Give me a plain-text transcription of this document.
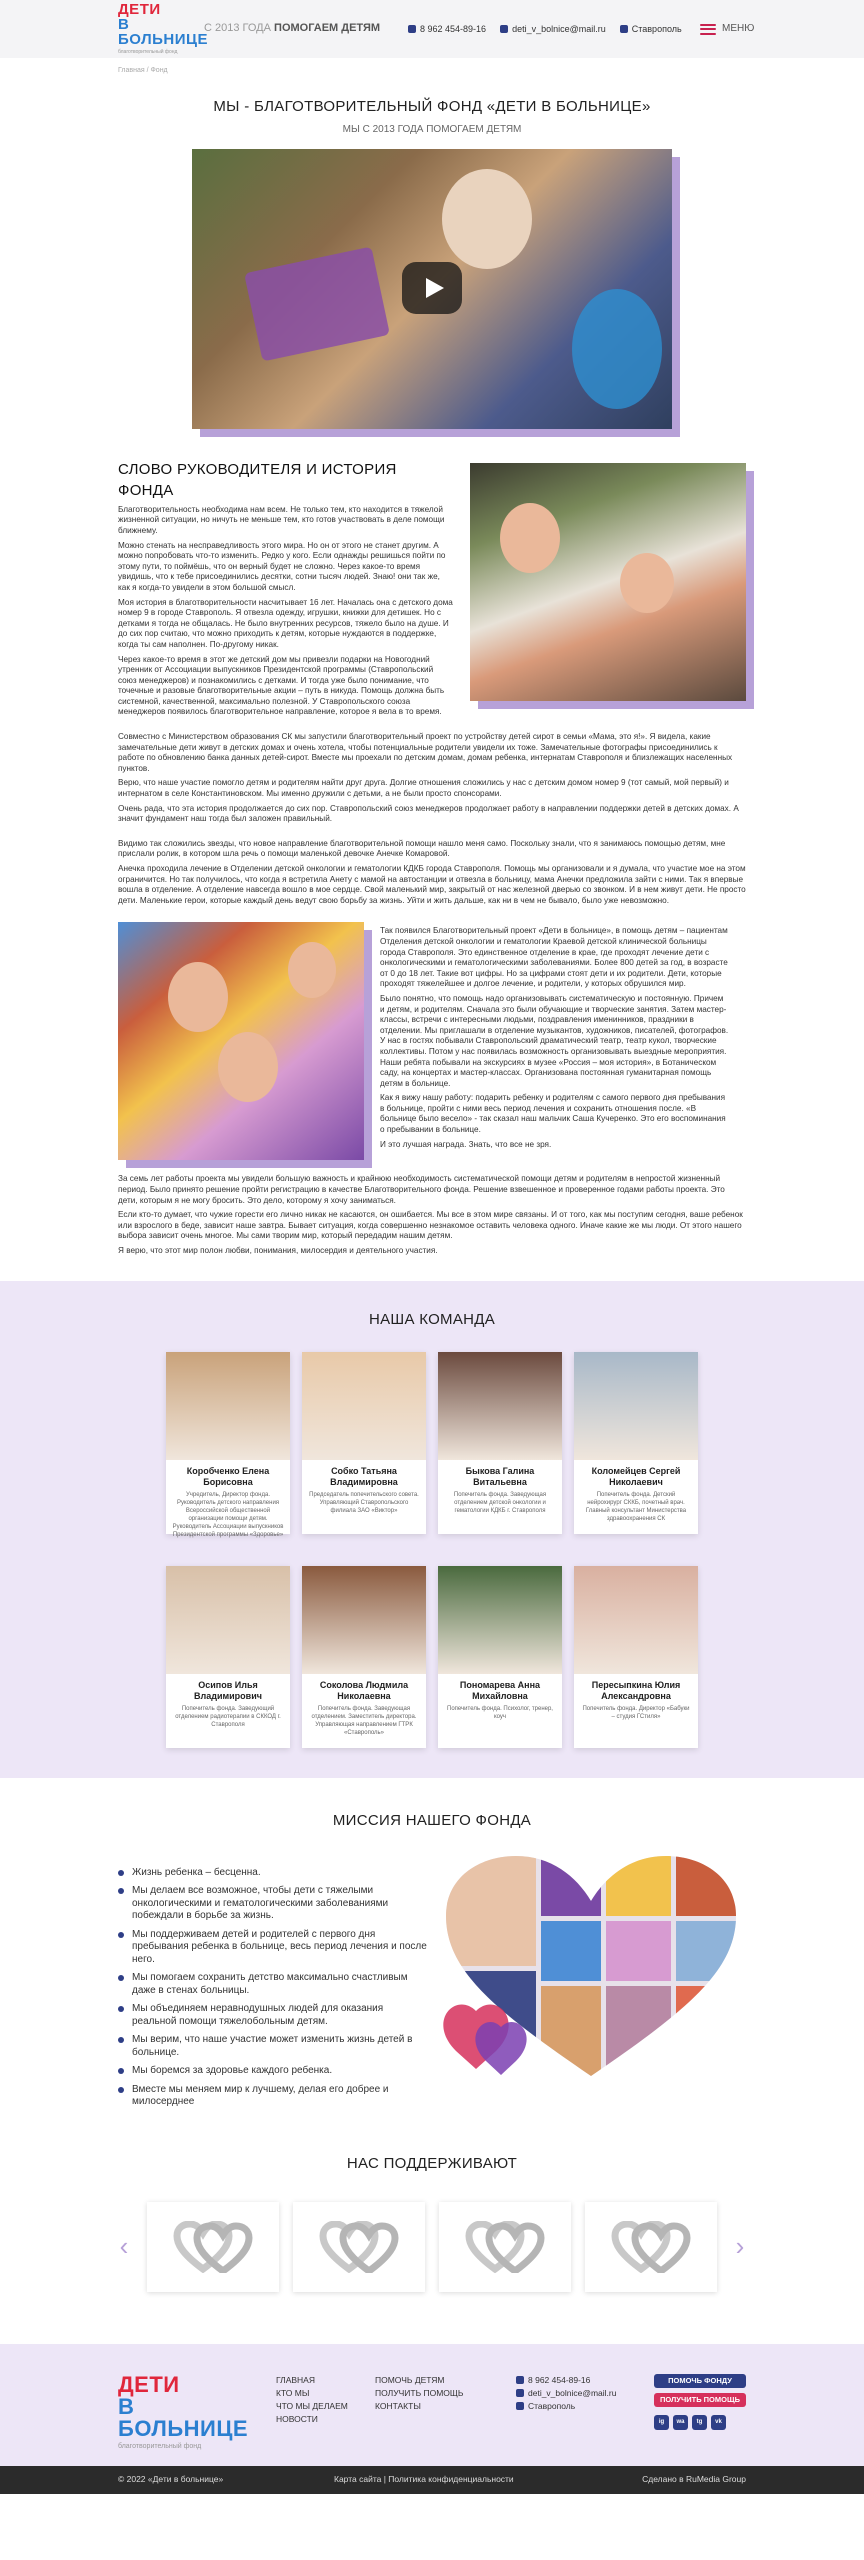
ДЕТИ
В БОЛЬНИЦЕ
благотворительный фонд
С 2013 ГОДА ПОМОГАЕМ ДЕТЯМ	8 962 454-89-16	deti_v_bolnice@mail.ru	Ставрополь	МЕНЮ
Главная / Фонд
МЫ - БЛАГОТВОРИТЕЛЬНЫЙ ФОНД «ДЕТИ В БОЛЬНИЦЕ»
МЫ С 2013 ГОДА ПОМОГАЕМ ДЕТЯМ
СЛОВО РУКОВОДИТЕЛЯ И ИСТОРИЯ ФОНДА

Благотворительность необходима нам всем. Не только тем, кто находится в тяжелой жизненной ситуации, но ничуть не меньше тем, кто готов участвовать в деле помощи ближнему.

Можно стенать на несправедливость этого мира. Но он от этого не станет другим. А можно попробовать что-то изменить. Редко у кого. Если однажды решишься пойти по этому пути, то поймёшь, что он верный будет не сложно. Через какое-то время увидишь, что к тебе присоединились десятки, сотни тысяч людей. Знаю! они так же, как я когда-то увидели в этом большой смысл.

Моя история в благотворительности насчитывает 16 лет. Началась она с детского дома номер 9 в городе Ставрополь. Я отвезла одежду, игрушки, книжки для детишек. Но с детками я тогда не общалась. Не было внутренних ресурсов, тяжело было на душе. И до сих пор считаю, что можно приходить к детям, которые нуждаются в поддержке, когда ты сам наполнен. По-другому никак.

Через какое-то время в этот же детский дом мы привезли подарки на Новогодний утренник от Ассоциации выпускников Президентской программы (Ставропольский союз менеджеров) и познакомились с детками. И тогда уже было понимание, что точечные и разовые благотворительные акции – путь в никуда. Помощь должна быть системной, качественной, максимально полезной. У Ставропольского союза менеджеров появилось благотворительное направление, которое я вела в то время.

Совместно с Министерством образования СК мы запустили благотворительный проект по устройству детей сирот в семьи «Мама, это я!». Я видела, какие замечательные дети живут в детских домах и очень хотела, чтобы потенциальные родители увидели их тоже. Замечательные фотографы присоединились к работе по обновлению банка данных детей-сирот. Вместе мы проехали по детским домам, домам ребенка, интернатам Ставрополя и близлежащих населенных пунктов.

Верю, что наше участие помогло детям и родителям найти друг друга. Долгие отношения сложились у нас с детским домом номер 9 (тот самый, мой первый) и интернатом в селе Константиновском. Мы именно дружили с детьми, а не были просто спонсорами.

Очень рада, что эта история продолжается до сих пор. Ставропольский союз менеджеров продолжает работу в направлении поддержки детей в детских домах. А значит фундамент наш тогда был заложен правильный.

Видимо так сложились звезды, что новое направление благотворительной помощи нашло меня само. Поскольку знали, что я занимаюсь помощью детям, мне прислали ролик, в котором шла речь о помощи маленькой девочке Анечке Комаровой.

Анечка проходила лечение в Отделении детской онкологии и гематологии КДКБ города Ставрополя. Помощь мы организовали и я думала, что участие мое на этом ограничится. Но так получилось, что когда я встретила Анету с мамой на автостанции и отвезла в больницу, мама Анечки предложила зайти с ними. Так я впервые вошла в отделение. А отделение навсегда вошло в мое сердце. Свой маленький мир, закрытый от нас железной дверью со звонком. И в нем живут дети. Не просто дети. Маленькие герои, которые каждый день ведут свою борьбу за жизнь. Уйти и жить дальше, как ни в чем не бывало, было уже невозможно.

Так появился Благотворительный проект «Дети в больнице», в помощь детям – пациентам Отделения детской онкологии и гематологии Краевой детской клинической больницы города Ставрополя. Это единственное отделение в крае, где проходят лечение дети с онкологическими и гематологическими заболеваниями. Более 800 детей за год, в возрасте от 0 до 18 лет. Такие вот цифры. Но за цифрами стоят дети и их родители. Дети, которые проходят тяжелейшее и долгое лечение, и родители, у которых обрушился мир.

Было понятно, что помощь надо организовывать систематическую и постоянную. Причем и детям, и родителям. Сначала это были обучающие и творческие занятия. Затем мастер-классы, встречи с интересными людьми, поздравления именинников, праздники в отделении. Мы приглашали в отделение музыкантов, художников, писателей, фотографов. У нас в гостях побывали Ставропольский драматический театр, театр кукол, творческие коллективы. Потом у нас появилась возможность организовывать выездные мероприятия. Наши ребята побывали на экскурсиях в музее «Россия – моя история», в Ботаническом саду, на концертах и мастер-классах. Организована постоянная гуманитарная помощь детям в больнице.

Как я вижу нашу работу: подарить ребенку и родителям с самого первого дня пребывания в больнице, пройти с ними весь период лечения и сохранить отношения после. «В больнице было весело» - так сказал наш мальчик Саша Кучеренко. Это его воспоминания о пребывании в больнице.

И это лучшая награда. Знать, что все не зря.

За семь лет работы проекта мы увидели большую важность и крайнюю необходимость систематической помощи детям и родителям в непростой жизненный период. Было принято решение пройти регистрацию в качестве Благотворительного фонда. Решение взвешенное и проверенное годами работы проекта. Это дети, которым я не могу бросить. Это дело, которому я хочу заниматься.

Если кто-то думает, что чужие горести его лично никак не касаются, он ошибается. Мы все в этом мире связаны. И от того, как мы поступим сегодня, ваше ребенок или взрослого в беде, зависит наше завтра. Бывает ситуация, когда совершенно незнакомое оставить человека одного. Иначе какие же мы люди. От этого нашего выбора зависит очень многое. Мы сами творим мир, который передадим нашим детям.

Я верю, что этот мир полон любви, понимания, милосердия и деятельного участия.

НАША КОМАНДА
Коробченко Елена Борисовна
Учредитель, Директор фонда. Руководитель детского направления Всероссийской общественной организации помощи детям. Руководитель Ассоциации выпускников Президентской программы «Здоровье»
Собко Татьяна Владимировна
Председатель попечительского совета. Управляющий Ставропольского филиала ЗАО «Виктор»
Быкова Галина Витальевна
Попечитель фонда. Заведующая отделением детской онкологии и гематологии КДКБ г. Ставрополя
Коломейцев Сергей Николаевич
Попечитель фонда. Детский нейрохирург СККБ, почетный врач. Главный консультант Министерства здравоохранения СК
Осипов Илья Владимирович
Попечитель фонда. Заведующий отделением радиотерапии в СККОД г. Ставрополя
Соколова Людмила Николаевна
Попечитель фонда. Заведующая отделением. Заместитель директора. Управляющая направлением ГТРК «Ставрополь»
Пономарева Анна Михайловна
Попечитель фонда. Психолог, тренер, коуч
Пересыпкина Юлия Александровна
Попечитель фонда. Директор «Бабуки – студия ГСтиля»
МИССИЯ НАШЕГО ФОНДА
Жизнь ребенка – бесценна.
Мы делаем все возможное, чтобы дети с тяжелыми онкологическими и гематологическими заболеваниями побеждали в борьбе за жизнь.
Мы поддерживаем детей и родителей с первого дня пребывания ребенка в больнице, весь период лечения и после него.
Мы помогаем сохранить детство максимально счастливым даже в стенах больницы.
Мы объединяем неравнодушных людей для оказания реальной помощи тяжелобольным детям.
Мы верим, что наше участие может изменить жизнь детей в больнице.
Мы боремся за здоровье каждого ребенка.
Вместе мы меняем мир к лучшему, делая его добрее и милосерднее
НАС ПОДДЕРЖИВАЮТ
‹	›
ДЕТИ
В БОЛЬНИЦЕ
благотворительный фонд
ГЛАВНАЯ
КТО МЫ
ЧТО МЫ ДЕЛАЕМ
НОВОСТИ
ПОМОЧЬ ДЕТЯМ
ПОЛУЧИТЬ ПОМОЩЬ
КОНТАКТЫ
8 962 454-89-16
deti_v_bolnice@mail.ru
Ставрополь
ПОМОЧЬ ФОНДУ
ПОЛУЧИТЬ ПОМОЩЬ
ig	wa	tg	vk
© 2022 «Дети в больнице»	Карта сайта | Политика конфиденциальности	Сделано в RuMedia Group
